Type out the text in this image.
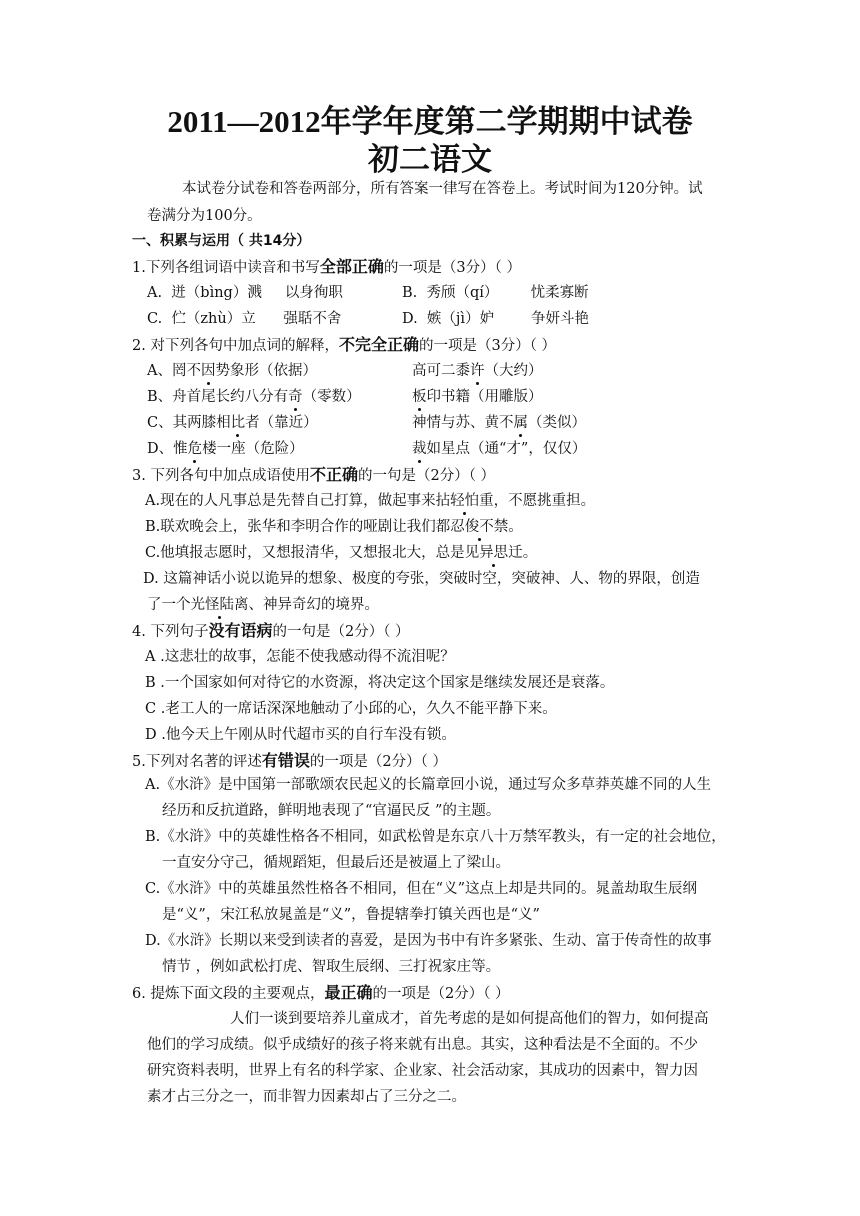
2011—2012年学年度第二学期期中试卷
初二语文
本试卷分试卷和答卷两部分，所有答案一律写在答卷上。考试时间为120分钟。试
卷满分为100分。
一、积累与运用（ 共14分）
1.下列各组词语中读音和书写全部正确的一项是（3分）（ ）
A.  迸（bìng）溅     以身徇职	B.  秀颀（qí）       忧柔寡断
C.  伫（zhù）立      强聒不舍	D.  嫉（jì）妒        争妍斗艳
2. 对下列各句中加点词的解释，不完全正确的一项是（3分）（ ）
A、罔不因势象形（依据）	高可二黍许（大约）
B、舟首尾长约八分有奇（零数）	板印书籍（用雕版）
C、其两膝相比者（靠近）	神情与苏、黄不属（类似）
D、惟危楼一座（危险）	裁如星点（通“才”，仅仅）
3. 下列各句中加点成语使用不正确的一句是（2分）（ ）
A.现在的人凡事总是先替自己打算，做起事来拈轻怕重，不愿挑重担。
B.联欢晚会上，张华和李明合作的哑剧让我们都忍俊不禁。
C.他填报志愿时，又想报清华，又想报北大，总是见异思迁。
D. 这篇神话小说以诡异的想象、极度的夸张，突破时空，突破神、人、物的界限，创造
了一个光怪陆离、神异奇幻的境界。
4. 下列句子没有语病的一句是（2分）（ ）
A .这悲壮的故事，怎能不使我感动得不流泪呢？
B .一个国家如何对待它的水资源，将决定这个国家是继续发展还是衰落。
C .老工人的一席话深深地触动了小邱的心，久久不能平静下来。
D .他今天上午刚从时代超市买的自行车没有锁。
5.下列对名著的评述有错误的一项是（2分）（ ）
A.《水浒》是中国第一部歌颂农民起义的长篇章回小说，通过写众多草莽英雄不同的人生
经历和反抗道路，鲜明地表现了“官逼民反 ”的主题。
B.《水浒》中的英雄性格各不相同，如武松曾是东京八十万禁军教头，有一定的社会地位，
一直安分守己，循规蹈矩，但最后还是被逼上了梁山。
C.《水浒》中的英雄虽然性格各不相同，但在“义”这点上却是共同的。晁盖劫取生辰纲
是“义”，宋江私放晁盖是“义”，鲁提辖拳打镇关西也是“义”
D.《水浒》长期以来受到读者的喜爱，是因为书中有许多紧张、生动、富于传奇性的故事
情节 ，例如武松打虎、智取生辰纲、三打祝家庄等。
6. 提炼下面文段的主要观点，最正确的一项是（2分）（ ）
人们一谈到要培养儿童成才，首先考虑的是如何提高他们的智力，如何提高
他们的学习成绩。似乎成绩好的孩子将来就有出息。其实，这种看法是不全面的。不少
研究资料表明，世界上有名的科学家、企业家、社会活动家，其成功的因素中，智力因
素才占三分之一，而非智力因素却占了三分之二。
